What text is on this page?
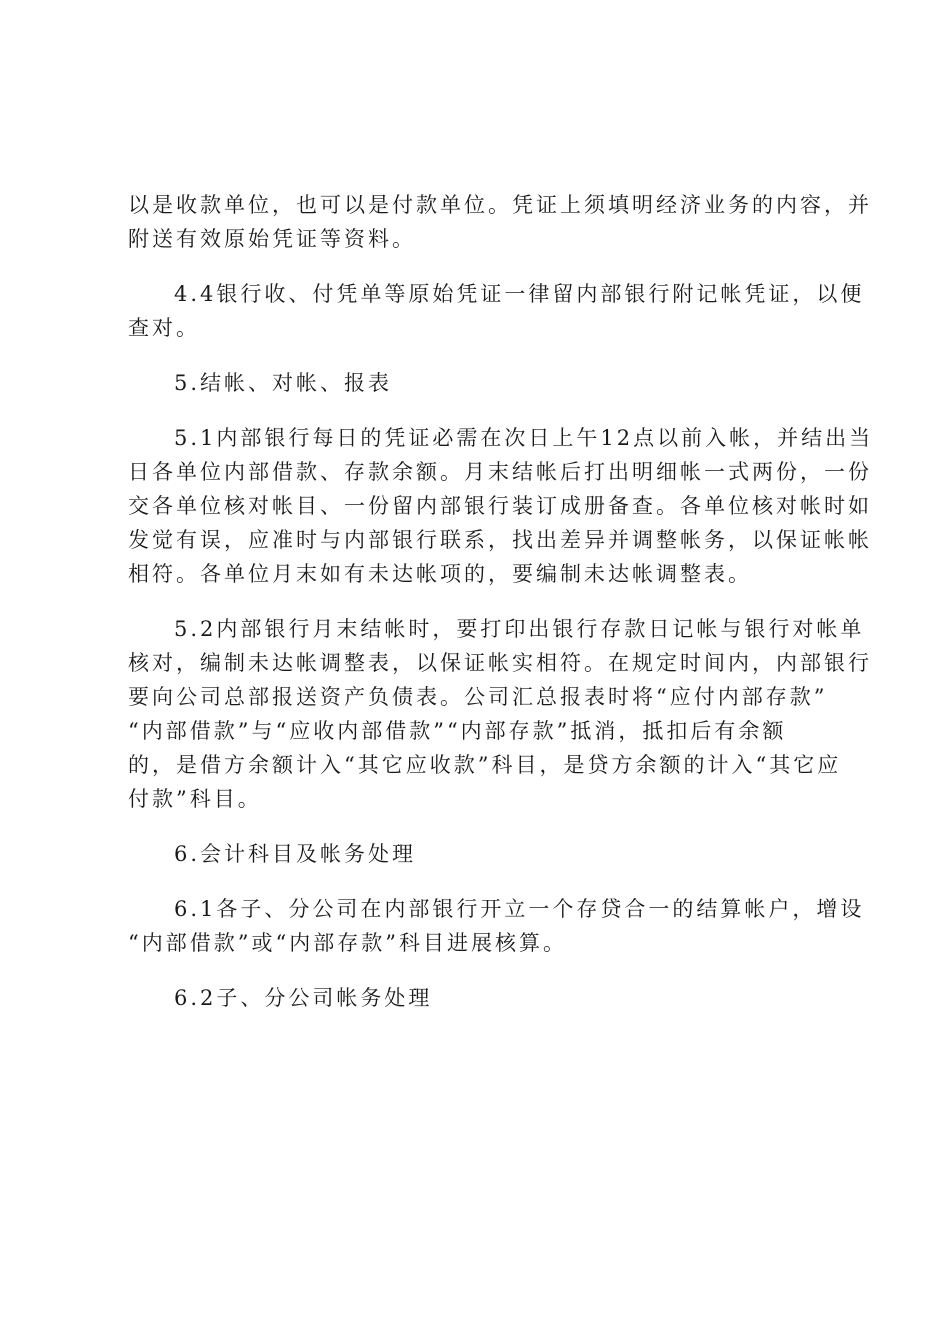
以是收款单位，也可以是付款单位。凭证上须填明经济业务的内容，并

附送有效原始凭证等资料。

4.4银行收、付凭单等原始凭证一律留内部银行附记帐凭证，以便

查对。

5.结帐、对帐、报表

5.1内部银行每日的凭证必需在次日上午12点以前入帐，并结出当

日各单位内部借款、存款余额。月末结帐后打出明细帐一式两份，一份

交各单位核对帐目、一份留内部银行装订成册备查。各单位核对帐时如

发觉有误，应准时与内部银行联系，找出差异并调整帐务，以保证帐帐

相符。各单位月末如有未达帐项的，要编制未达帐调整表。

5.2内部银行月末结帐时，要打印出银行存款日记帐与银行对帐单

核对，编制未达帐调整表，以保证帐实相符。在规定时间内，内部银行

要向公司总部报送资产负债表。公司汇总报表时将“应付内部存款”

“内部借款”与“应收内部借款”“内部存款”抵消，抵扣后有余额

的，是借方余额计入“其它应收款”科目，是贷方余额的计入“其它应

付款”科目。

6.会计科目及帐务处理

6.1各子、分公司在内部银行开立一个存贷合一的结算帐户，增设

“内部借款”或“内部存款”科目进展核算。

6.2子、分公司帐务处理
